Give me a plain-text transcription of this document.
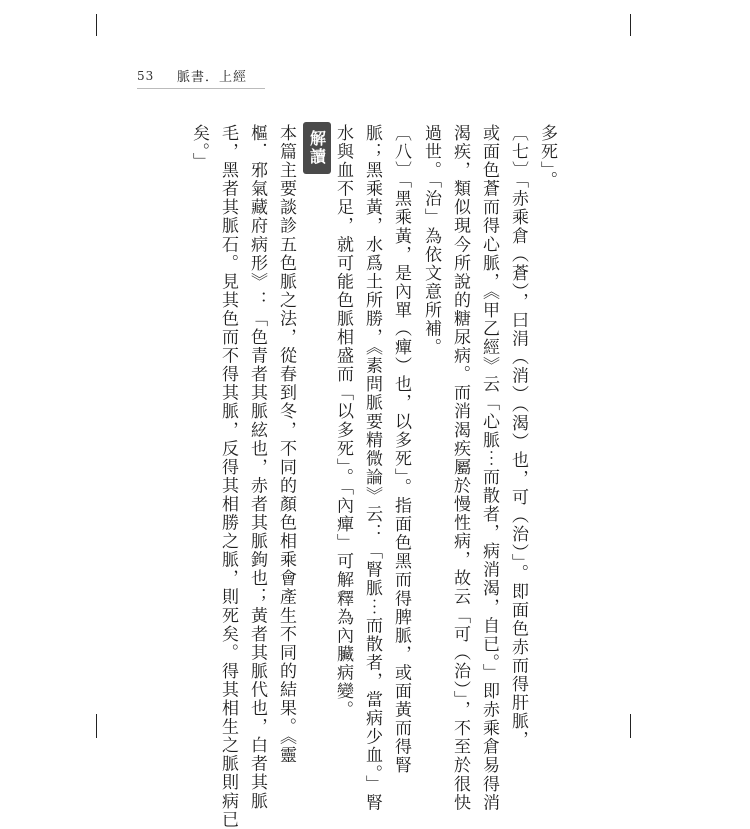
53 脈書．上經
多死」。
〔七〕「赤乘倉（蒼），曰涓（消）（渴）也，可（治）」。即面色赤而得肝脈，
或面色蒼而得心脈，《甲乙經》云「心脈⋯而散者，病消渴，自已。」即赤乘倉易得消
渴疾，類似現今所說的糖尿病。而消渴疾屬於慢性病，故云「可（治）」，不至於很快
過世。「治」為依文意所補。
〔八〕「黑乘黃，是內單（癉）也，以多死」。指面色黑而得脾脈，或面黃而得腎
脈；黑乘黃，水爲土所勝，《素問脈要精微論》云：「腎脈⋯而散者，當病少血。」腎
水與血不足，就可能色脈相盛而「以多死」。「內癉」可解釋為內臟病變。
解讀
本篇主要談診五色脈之法，從春到冬，不同的顏色相乘會產生不同的結果。《靈
樞．邪氣藏府病形》：「色青者其脈絃也，赤者其脈鉤也；黃者其脈代也，白者其脈
毛，黑者其脈石。見其色而不得其脈，反得其相勝之脈，則死矣。得其相生之脈則病已
矣。」
